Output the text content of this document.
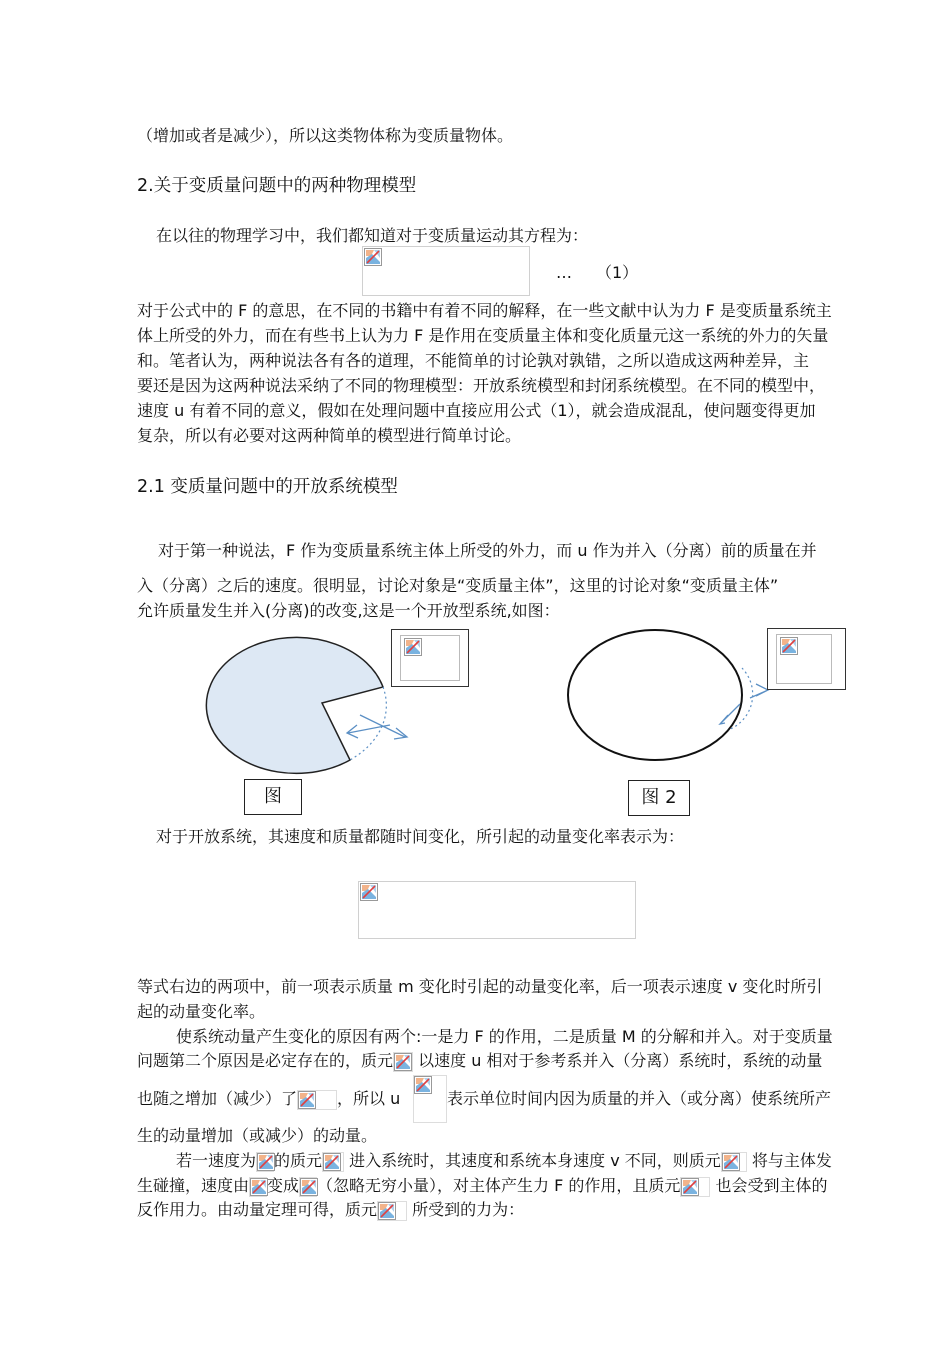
（增加或者是减少），所以这类物体称为变质量物体。
2.关于变质量问题中的两种物理模型
在以往的物理学习中，我们都知道对于变质量运动其方程为：
… （1）
对于公式中的 F 的意思，在不同的书籍中有着不同的解释，在一些文献中认为力 F 是变质量系统主
体上所受的外力，而在有些书上认为力 F 是作用在变质量主体和变化质量元这一系统的外力的矢量
和。笔者认为，两种说法各有各的道理，不能简单的讨论孰对孰错，之所以造成这两种差异，主
要还是因为这两种说法采纳了不同的物理模型：开放系统模型和封闭系统模型。在不同的模型中，
速度 u 有着不同的意义，假如在处理问题中直接应用公式（1），就会造成混乱，使问题变得更加
复杂，所以有必要对这两种简单的模型进行简单讨论。
2.1 变质量问题中的开放系统模型
对于第一种说法，F 作为变质量系统主体上所受的外力，而 u 作为并入（分离）前的质量在并
入（分离）之后的速度。很明显，讨论对象是“变质量主体”，这里的讨论对象“变质量主体”
允许质量发生并入(分离)的改变,这是一个开放型系统,如图：
图	图 2
对于开放系统，其速度和质量都随时间变化，所引起的动量变化率表示为：
等式右边的两项中，前一项表示质量 m 变化时引起的动量变化率，后一项表示速度 v 变化时所引
起的动量变化率。
使系统动量产生变化的原因有两个:一是力 F 的作用，二是质量 M 的分解和并入。对于变质量
问题第二个原因是必定存在的，质元
以速度 u 相对于参考系并入（分离）系统时，系统的动量
也随之增加（减少）了	，所以 u	表示单位时间内因为质量的并入（或分离）使系统所产
生的动量增加（或减少）的动量。
若一速度为 的质元
进入系统时，其速度和系统本身速度 v 不同，则质元
将与主体发
生碰撞，速度由 变成 （忽略无穷小量），对主体产生力 F 的作用，且质元
也会受到主体的
反作用力。由动量定理可得，质元
所受到的力为：
